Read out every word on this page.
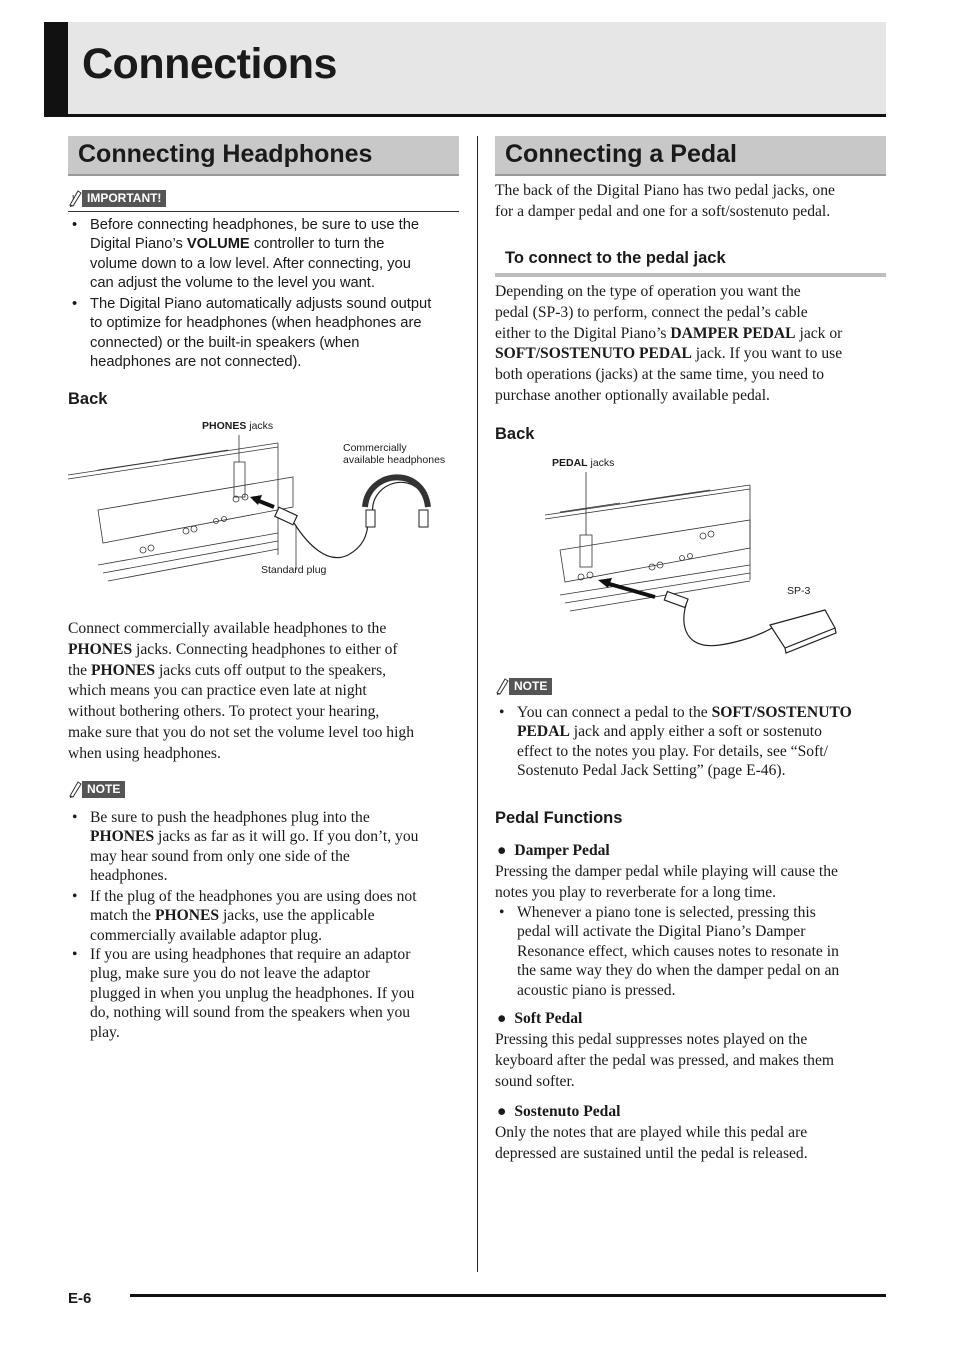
Connections
Connecting Headphones
!	IMPORTANT!
• Before connecting headphones, be sure to use the
Digital Piano’s VOLUME controller to turn the
volume down to a low level. After connecting, you
can adjust the volume to the level you want.
• The Digital Piano automatically adjusts sound output
to optimize for headphones (when headphones are
connected) or the built-in speakers (when
headphones are not connected).
Back
PHONES jacks
Commercially
available headphones
Standard plug
Connect commercially available headphones to the
PHONES jacks. Connecting headphones to either of
the PHONES jacks cuts off output to the speakers,
which means you can practice even late at night
without bothering others. To protect your hearing,
make sure that you do not set the volume level too high
when using headphones.
NOTE
• Be sure to push the headphones plug into the
PHONES jacks as far as it will go. If you don’t, you
may hear sound from only one side of the
headphones.
• If the plug of the headphones you are using does not
match the PHONES jacks, use the applicable
commercially available adaptor plug.
• If you are using headphones that require an adaptor
plug, make sure you do not leave the adaptor
plugged in when you unplug the headphones. If you
do, nothing will sound from the speakers when you
play.
Connecting a Pedal
The back of the Digital Piano has two pedal jacks, one
for a damper pedal and one for a soft/sostenuto pedal.
To connect to the pedal jack
Depending on the type of operation you want the
pedal (SP-3) to perform, connect the pedal’s cable
either to the Digital Piano’s DAMPER PEDAL jack or
SOFT/SOSTENUTO PEDAL jack. If you want to use
both operations (jacks) at the same time, you need to
purchase another optionally available pedal.
Back
PEDAL jacks
SP-3
NOTE
• You can connect a pedal to the SOFT/SOSTENUTO
PEDAL jack and apply either a soft or sostenuto
effect to the notes you play. For details, see “Soft/
Sostenuto Pedal Jack Setting” (page E-46).
Pedal Functions
● Damper Pedal
Pressing the damper pedal while playing will cause the
notes you play to reverberate for a long time.
• Whenever a piano tone is selected, pressing this
pedal will activate the Digital Piano’s Damper
Resonance effect, which causes notes to resonate in
the same way they do when the damper pedal on an
acoustic piano is pressed.
● Soft Pedal
Pressing this pedal suppresses notes played on the
keyboard after the pedal was pressed, and makes them
sound softer.
● Sostenuto Pedal
Only the notes that are played while this pedal are
depressed are sustained until the pedal is released.
E-6
